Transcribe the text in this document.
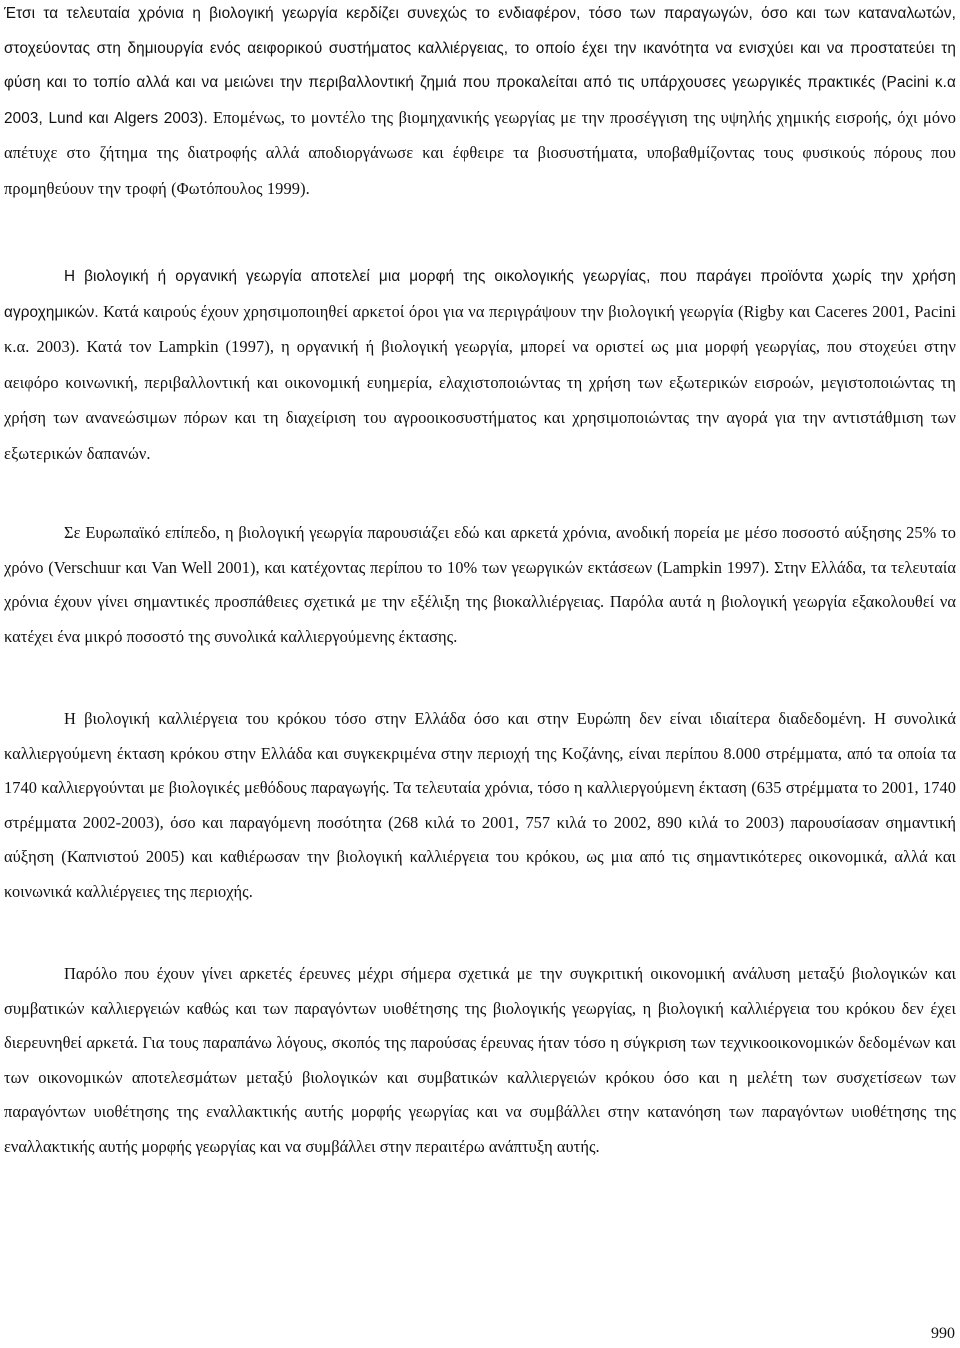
Έτσι τα τελευταία χρόνια η βιολογική γεωργία κερδίζει συνεχώς το ενδιαφέρον, τόσο των παραγωγών, όσο και των καταναλωτών, στοχεύοντας στη δημιουργία ενός αειφορικού συστήματος καλλιέργειας, το οποίο έχει την ικανότητα να ενισχύει και να προστατεύει τη φύση και το τοπίο αλλά και να μειώνει την περιβαλλοντική ζημιά που προκαλείται από τις υπάρχουσες γεωργικές πρακτικές (Pacini κ.α 2003, Lund και Algers 2003). Επομένως, το μοντέλο της βιομηχανικής γεωργίας με την προσέγγιση της υψηλής χημικής εισροής, όχι μόνο απέτυχε στο ζήτημα της διατροφής αλλά αποδιοργάνωσε και έφθειρε τα βιοσυστήματα, υποβαθμίζοντας τους φυσικούς πόρους που προμηθεύουν την τροφή (Φωτόπουλος 1999).

Η βιολογική ή οργανική γεωργία αποτελεί μια μορφή της οικολογικής γεωργίας, που παράγει προϊόντα χωρίς την χρήση αγροχημικών. Κατά καιρούς έχουν χρησιμοποιηθεί αρκετοί όροι για να περιγράψουν την βιολογική γεωργία (Rigby και Caceres 2001, Pacini κ.α. 2003). Κατά τον Lampkin (1997), η οργανική ή βιολογική γεωργία, μπορεί να οριστεί ως μια μορφή γεωργίας, που στοχεύει στην αειφόρο κοινωνική, περιβαλλοντική και οικονομική ευημερία, ελαχιστοποιώντας τη χρήση των εξωτερικών εισροών, μεγιστοποιώντας τη χρήση των ανανεώσιμων πόρων και τη διαχείριση του αγροοικοσυστήματος και χρησιμοποιώντας την αγορά για την αντιστάθμιση των εξωτερικών δαπανών.

Σε Ευρωπαϊκό επίπεδο, η βιολογική γεωργία παρουσιάζει εδώ και αρκετά χρόνια, ανοδική πορεία με μέσο ποσοστό αύξησης 25% το χρόνο (Verschuur και Van Well 2001), και κατέχοντας περίπου το 10% των γεωργικών εκτάσεων (Lampkin 1997). Στην Ελλάδα, τα τελευταία χρόνια έχουν γίνει σημαντικές προσπάθειες σχετικά με την εξέλιξη της βιοκαλλιέργειας. Παρόλα αυτά η βιολογική γεωργία εξακολουθεί να κατέχει ένα μικρό ποσοστό της συνολικά καλλιεργούμενης έκτασης.

Η βιολογική καλλιέργεια του κρόκου τόσο στην Ελλάδα όσο και στην Ευρώπη δεν είναι ιδιαίτερα διαδεδομένη. Η συνολικά καλλιεργούμενη έκταση κρόκου στην Ελλάδα και συγκεκριμένα στην περιοχή της Κοζάνης, είναι περίπου 8.000 στρέμματα, από τα οποία τα 1740 καλλιεργούνται με βιολογικές μεθόδους παραγωγής. Τα τελευταία χρόνια, τόσο η καλλιεργούμενη έκταση (635 στρέμματα το 2001, 1740 στρέμματα 2002-2003), όσο και παραγόμενη ποσότητα (268 κιλά το 2001, 757 κιλά το 2002, 890 κιλά το 2003) παρουσίασαν σημαντική αύξηση (Καπνιστού 2005) και καθιέρωσαν την βιολογική καλλιέργεια του κρόκου, ως μια από τις σημαντικότερες οικονομικά, αλλά και κοινωνικά καλλιέργειες της περιοχής.

Παρόλο που έχουν γίνει αρκετές έρευνες μέχρι σήμερα σχετικά με την συγκριτική οικονομική ανάλυση μεταξύ βιολογικών και συμβατικών καλλιεργειών καθώς και των παραγόντων υιοθέτησης της βιολογικής γεωργίας, η βιολογική καλλιέργεια του κρόκου δεν έχει διερευνηθεί αρκετά. Για τους παραπάνω λόγους, σκοπός της παρούσας έρευνας ήταν τόσο η σύγκριση των τεχνικοοικονομικών δεδομένων και των οικονομικών αποτελεσμάτων μεταξύ βιολογικών και συμβατικών καλλιεργειών κρόκου όσο και η μελέτη των συσχετίσεων των παραγόντων υιοθέτησης της εναλλακτικής αυτής μορφής γεωργίας και να συμβάλλει στην κατανόηση των παραγόντων υιοθέτησης της εναλλακτικής αυτής μορφής γεωργίας και να συμβάλλει στην περαιτέρω ανάπτυξη αυτής.

990
